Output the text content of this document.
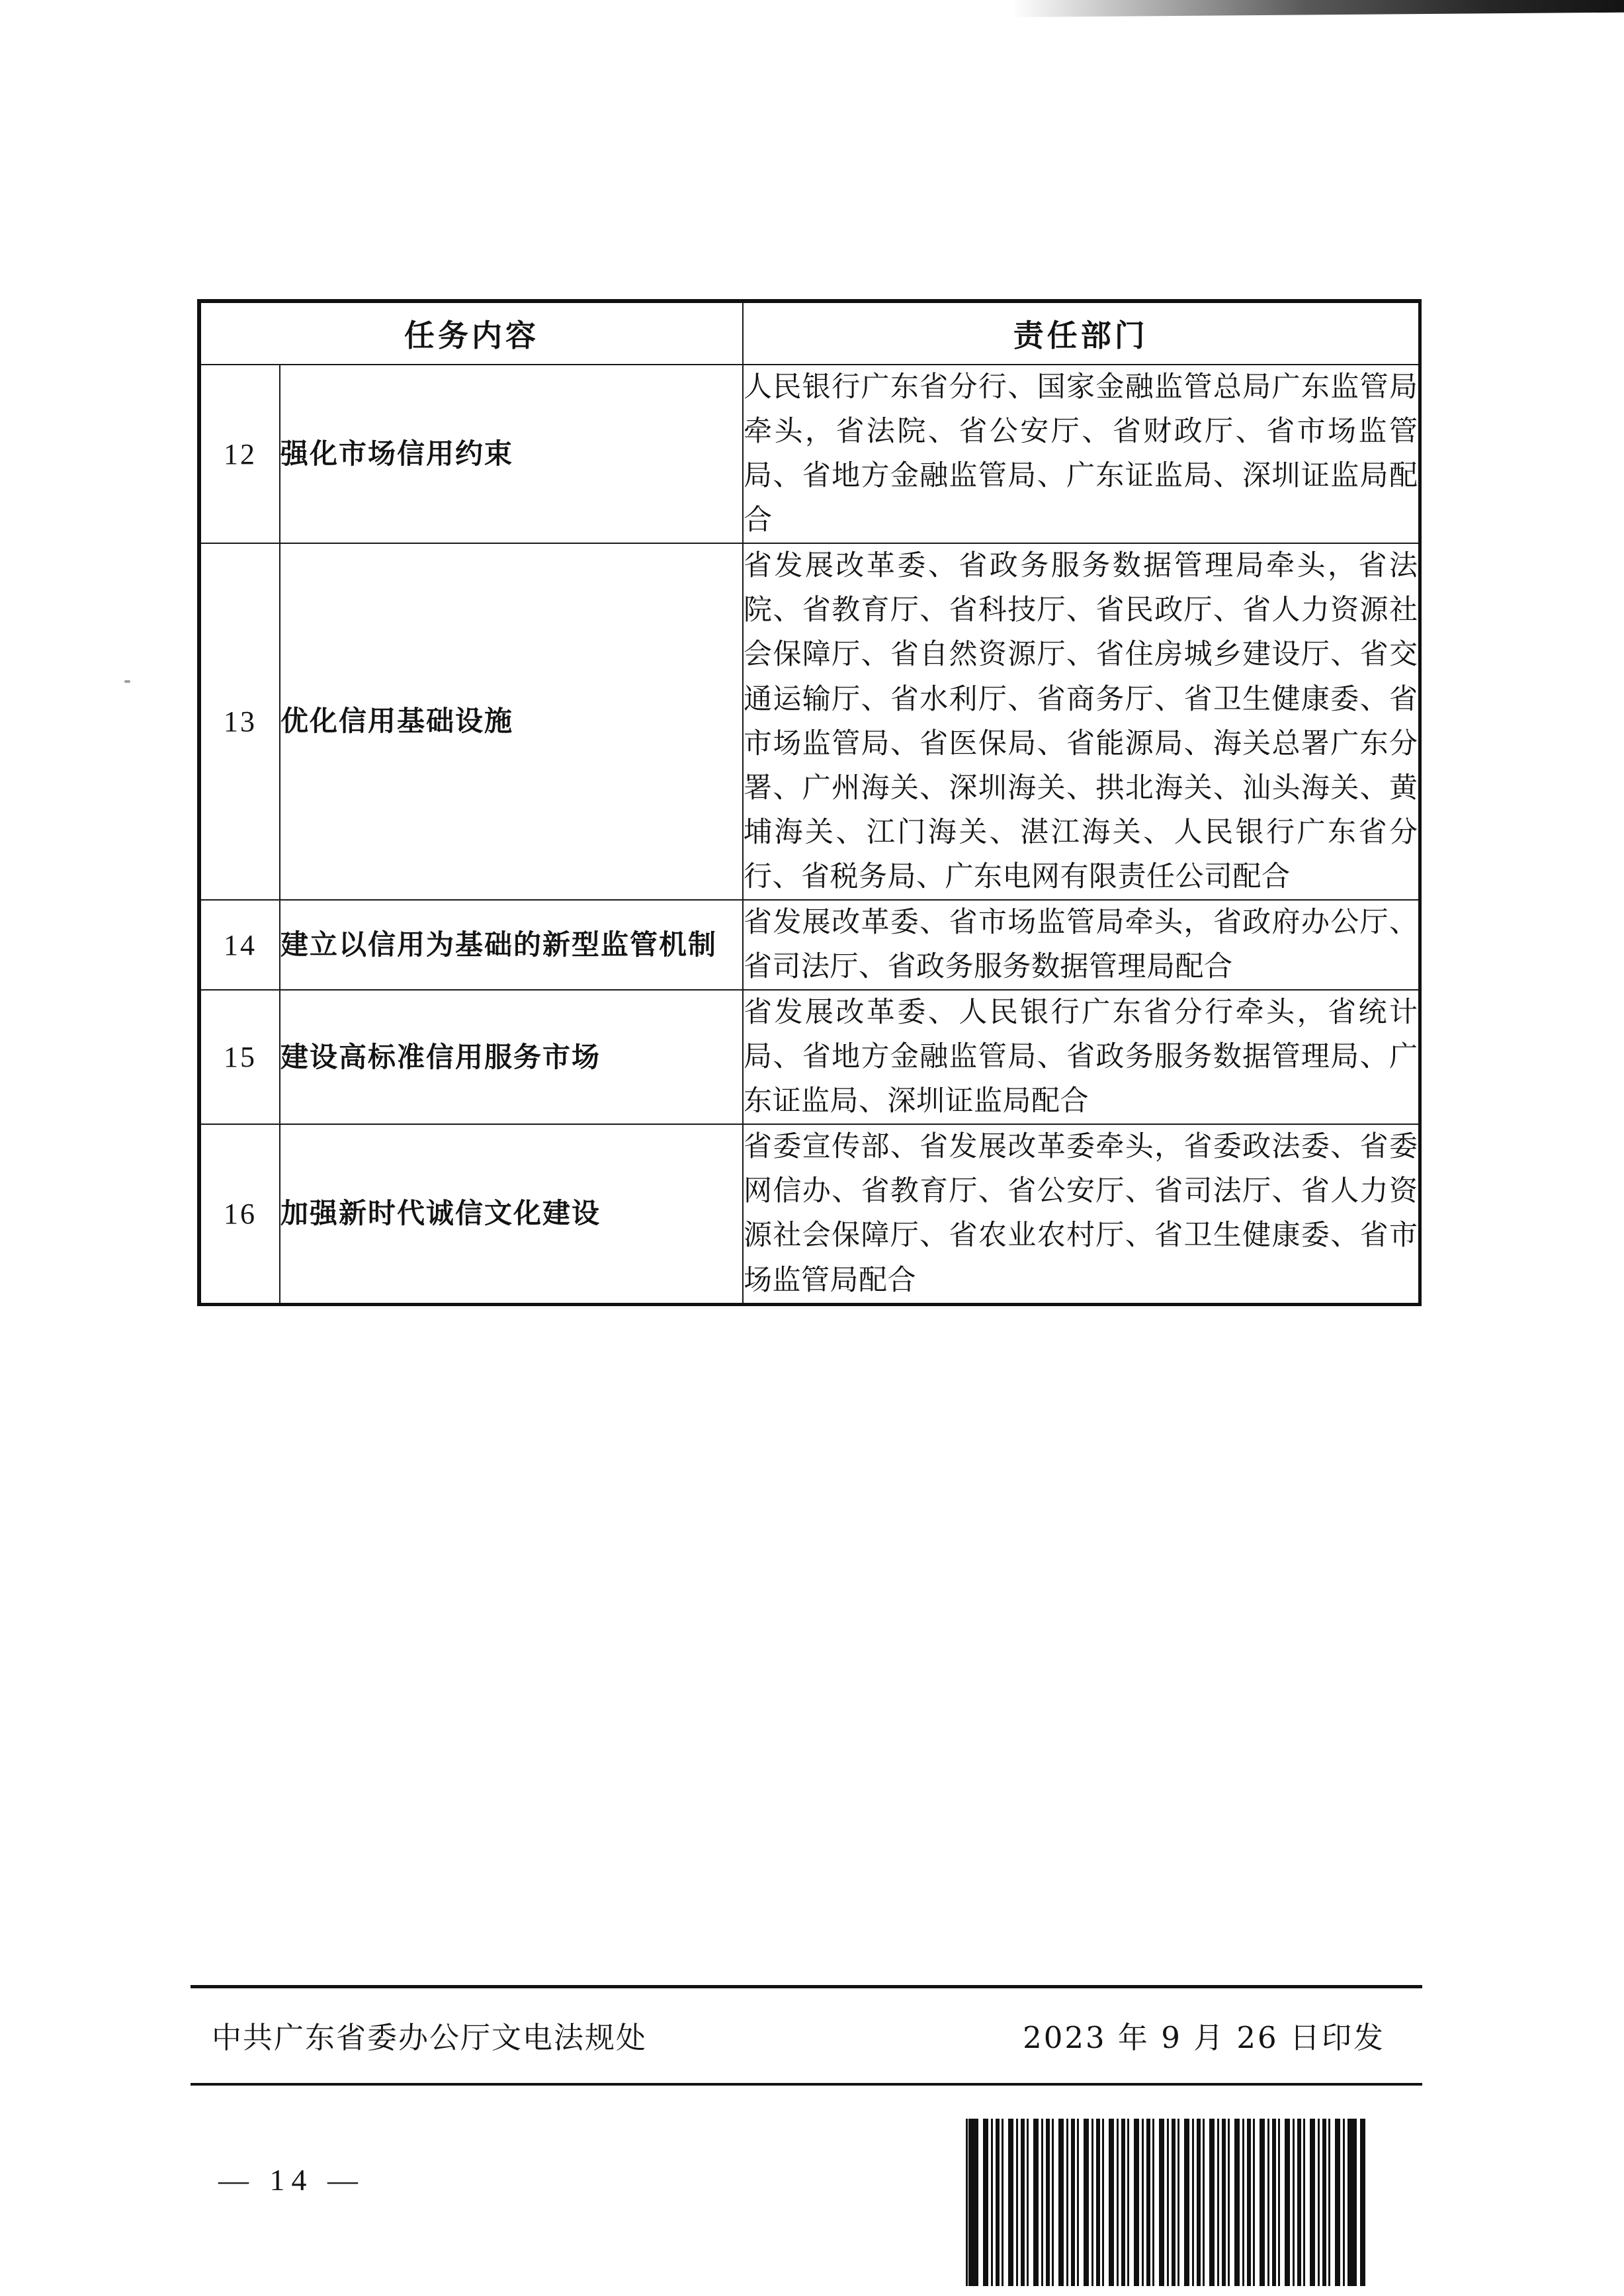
任务内容		责任部门
12	强化市场信用约束	人民银行广东省分行、国家金融监管总局广东监管局牵头，省法院、省公安厅、省财政厅、省市场监管局、省地方金融监管局、广东证监局、深圳证监局配合
13	优化信用基础设施	省发展改革委、省政务服务数据管理局牵头，省法院、省教育厅、省科技厅、省民政厅、省人力资源社会保障厅、省自然资源厅、省住房城乡建设厅、省交通运输厅、省水利厅、省商务厅、省卫生健康委、省市场监管局、省医保局、省能源局、海关总署广东分署、广州海关、深圳海关、拱北海关、汕头海关、黄埔海关、江门海关、湛江海关、人民银行广东省分行、省税务局、广东电网有限责任公司配合
14	建立以信用为基础的新型监管机制	省发展改革委、省市场监管局牵头，省政府办公厅、省司法厅、省政务服务数据管理局配合
15	建设高标准信用服务市场	省发展改革委、人民银行广东省分行牵头，省统计局、省地方金融监管局、省政务服务数据管理局、广东证监局、深圳证监局配合
16	加强新时代诚信文化建设	省委宣传部、省发展改革委牵头，省委政法委、省委网信办、省教育厅、省公安厅、省司法厅、省人力资源社会保障厅、省农业农村厅、省卫生健康委、省市场监管局配合
中共广东省委办公厅文电法规处	2023 年 9 月 26 日印发
— 14 —
